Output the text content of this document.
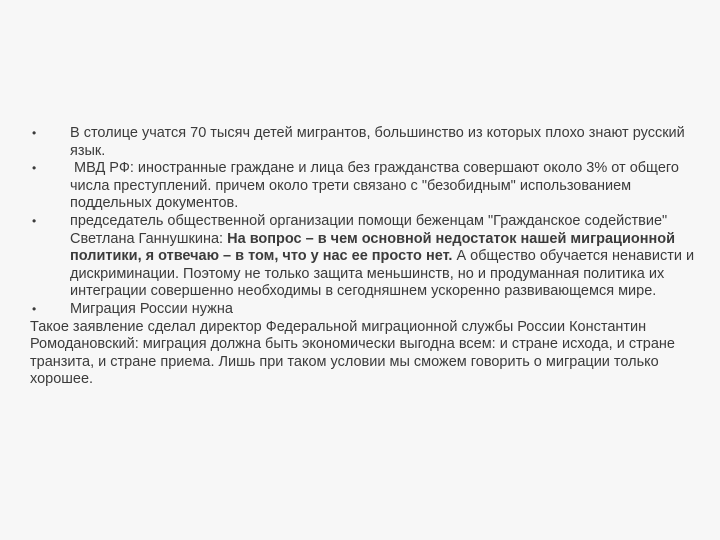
• В столице учатся 70 тысяч детей мигрантов, большинство из которых плохо знают русский язык.
• МВД РФ: иностранные граждане и лица без гражданства совершают около 3% от общего числа преступлений. причем около трети связано с "безобидным" использованием поддельных документов.
• председатель общественной организации помощи беженцам "Гражданское содействие" Светлана Ганнушкина: На вопрос – в чем основной недостаток нашей миграционной политики, я отвечаю – в том, что у нас ее просто нет. А общество обучается ненависти и дискриминации. Поэтому не только защита меньшинств, но и продуманная политика их интеграции совершенно необходимы в сегодняшнем ускоренно развивающемся мире.
• Миграция России нужна

Такое заявление сделал директор Федеральной миграционной службы России Константин Ромодановский: миграция должна быть экономически выгодна всем: и стране исхода, и стране транзита, и стране приема. Лишь при таком условии мы сможем говорить о миграции только хорошее.
